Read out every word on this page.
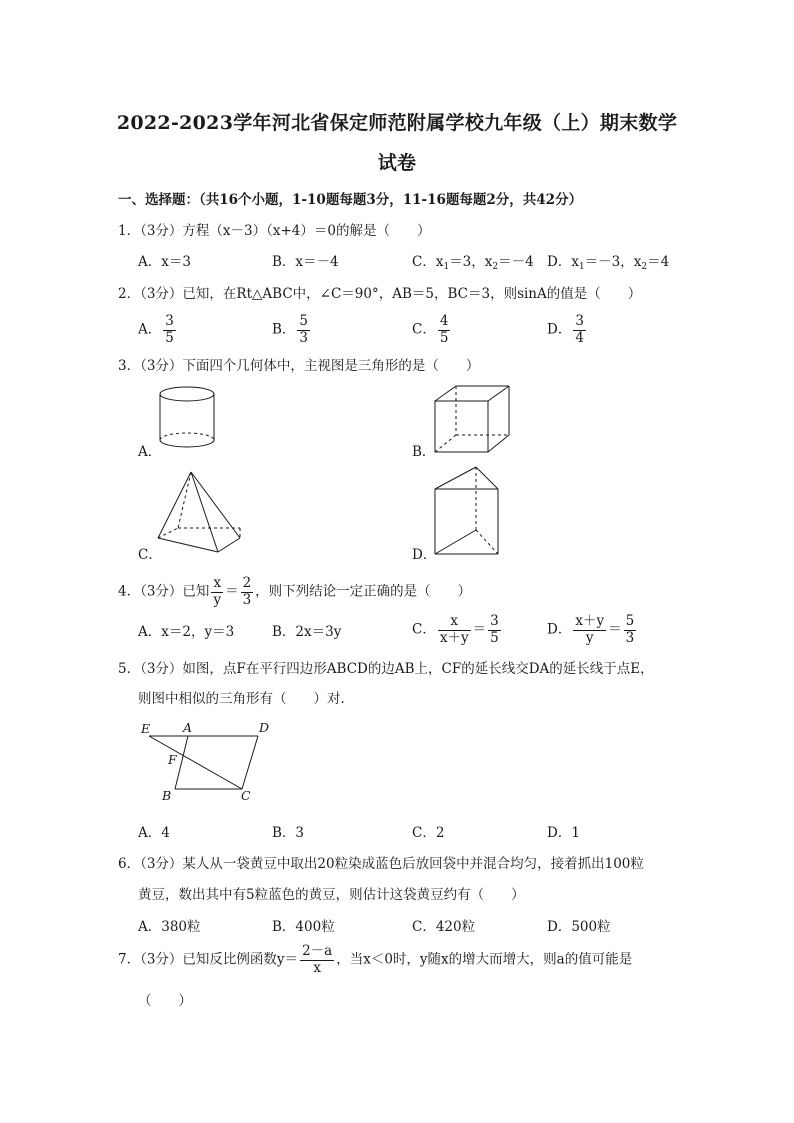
2022-2023学年河北省保定师范附属学校九年级（上）期末数学
试卷
一、选择题：（共16个小题，1-10题每题3分，11-16题每题2分，共42分）
1．（3分）方程（x－3）（x+4）＝0的解是（　　）
A．x＝3	B．x＝－4	C．$x_1=3$，$x_2=-4$ D．$x_1=-3$，$x_2=4$
2．（3分）已知，在Rt△ABC中，∠C＝90°，AB＝5，BC＝3，则sinA的值是（　　）
A． $\frac{3}{5}$	B． $\frac{5}{3}$	C． $\frac{4}{5}$	D． $\frac{3}{4}$
3．（3分）下面四个几何体中，主视图是三角形的是（　　）
A．	B．
C．	D．
4．（3分）已知 $\frac{x}{y} = \frac{2}{3}$ ，则下列结论一定正确的是（　　）
A．x＝2，y＝3	B．2x＝3y	C． $\frac{x}{x+y} = \frac{3}{5}$	D． $\frac{x+y}{y} = \frac{5}{3}$
5．（3分）如图，点F在平行四边形ABCD的边AB上，CF的延长线交DA的延长线于点E，
则图中相似的三角形有（　　）对．
E	A	D
F
B	C
A．4	B．3	C．2	D．1
6．（3分）某人从一袋黄豆中取出20粒染成蓝色后放回袋中并混合均匀，接着抓出100粒
黄豆，数出其中有5粒蓝色的黄豆，则估计这袋黄豆约有（　　）
A．380粒	B．400粒	C．420粒	D．500粒
7．（3分）已知反比例函数$y= \frac{2-a}{x}$ ，当x＜0时，y随x的增大而增大，则a的值可能是
（　　）
